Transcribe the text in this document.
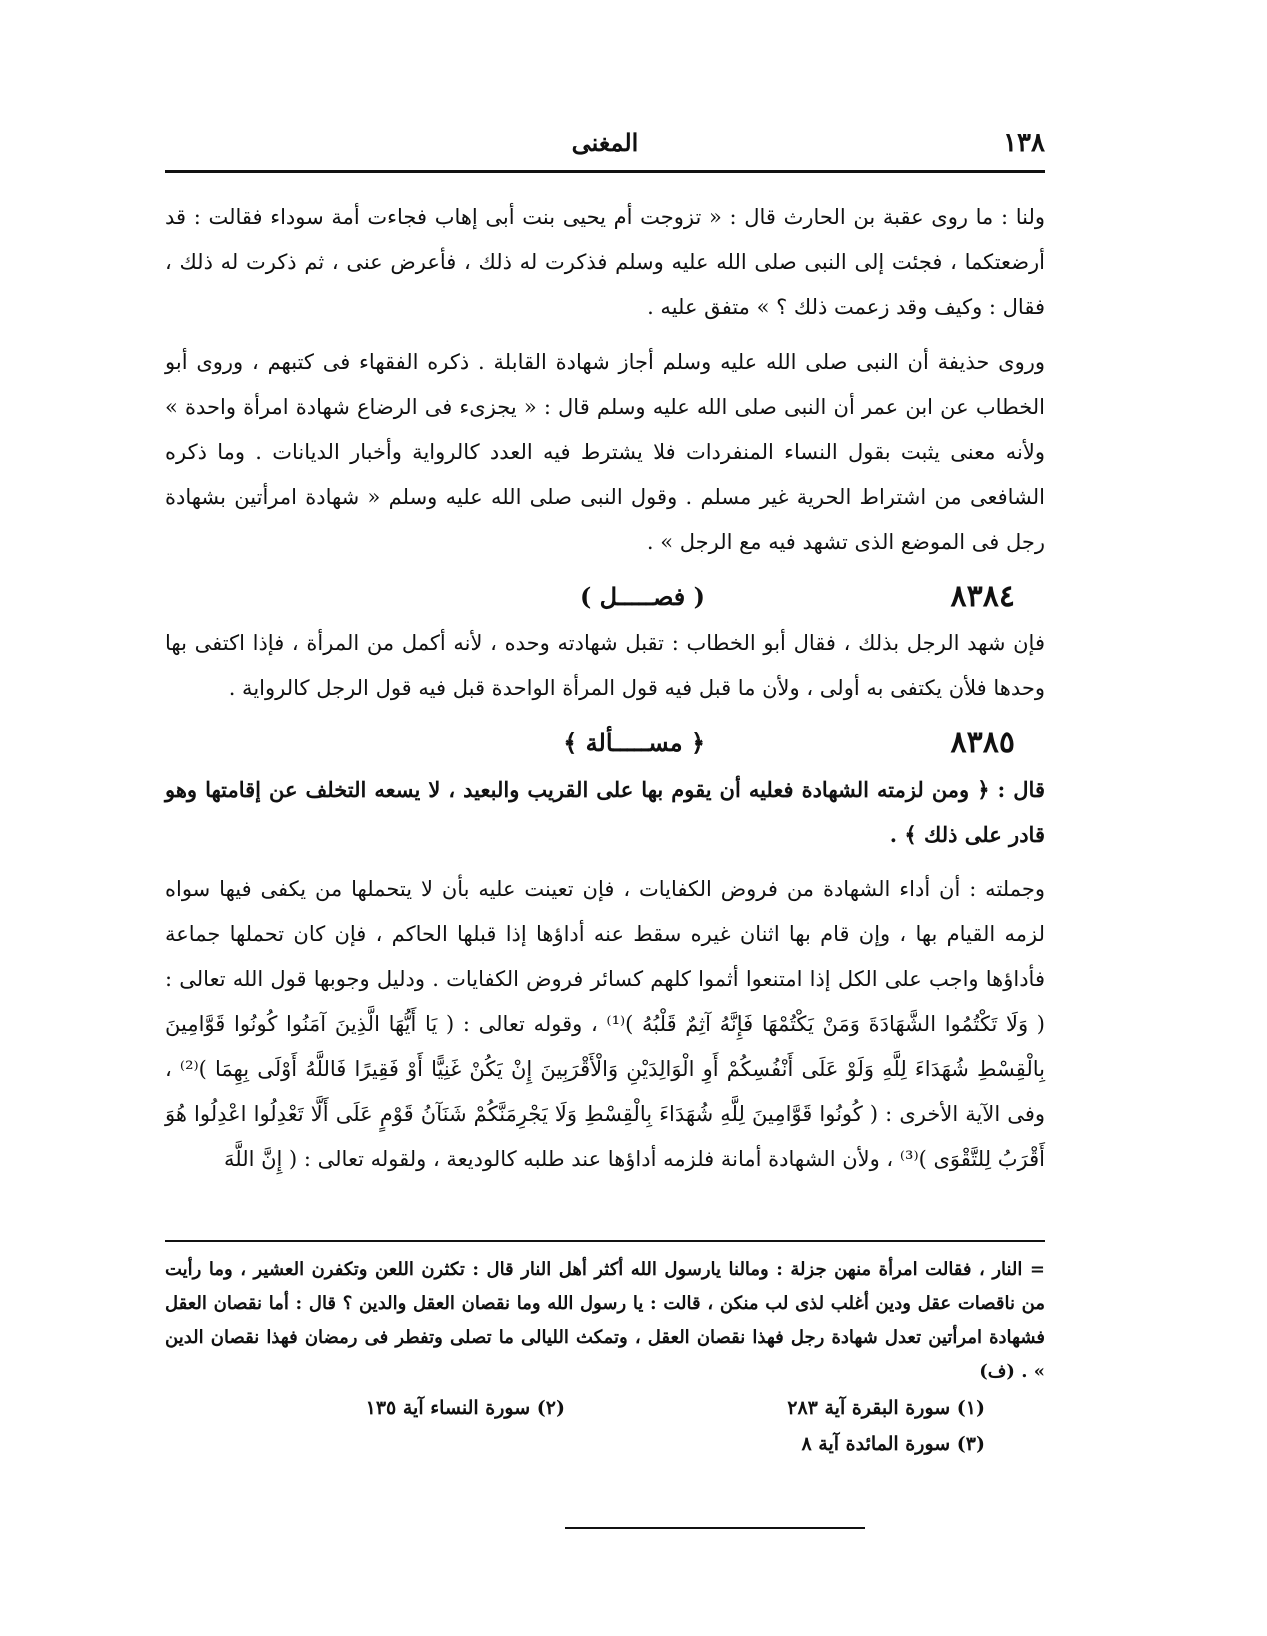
١٣٨
المغنى

ولنا : ما روى عقبة بن الحارث قال : « تزوجت أم يحيى بنت أبى إهاب فجاءت أمة سوداء فقالت : قد أرضعتكما ، فجئت إلى النبى صلى الله عليه وسلم فذكرت له ذلك ، فأعرض عنى ، ثم ذكرت له ذلك ، فقال : وكيف وقد زعمت ذلك ؟ » متفق عليه .

وروى حذيفة أن النبى صلى الله عليه وسلم أجاز شهادة القابلة . ذكره الفقهاء فى كتبهم ، وروى أبو الخطاب عن ابن عمر أن النبى صلى الله عليه وسلم قال : « يجزىء فى الرضاع شهادة امرأة واحدة » ولأنه معنى يثبت بقول النساء المنفردات فلا يشترط فيه العدد كالرواية وأخبار الديانات . وما ذكره الشافعى من اشتراط الحرية غير مسلم . وقول النبى صلى الله عليه وسلم « شهادة امرأتين بشهادة رجل فى الموضع الذى تشهد فيه مع الرجل » .

٨٣٨٤
( فصـــــل )

فإن شهد الرجل بذلك ، فقال أبو الخطاب : تقبل شهادته وحده ، لأنه أكمل من المرأة ، فإذا اكتفى بها وحدها فلأن يكتفى به أولى ، ولأن ما قبل فيه قول المرأة الواحدة قبل فيه قول الرجل كالرواية .

٨٣٨٥
﴿ مســـــألة ﴾

قال : ﴿ ومن لزمته الشهادة فعليه أن يقوم بها على القريب والبعيد ، لا يسعه التخلف عن إقامتها وهو قادر على ذلك ﴾ .

وجملته : أن أداء الشهادة من فروض الكفايات ، فإن تعينت عليه بأن لا يتحملها من يكفى فيها سواه لزمه القيام بها ، وإن قام بها اثنان غيره سقط عنه أداؤها إذا قبلها الحاكم ، فإن كان تحملها جماعة فأداؤها واجب على الكل إذا امتنعوا أثموا كلهم كسائر فروض الكفايات . ودليل وجوبها قول الله تعالى : ( وَلَا تَكْتُمُوا الشَّهَادَةَ وَمَنْ يَكْتُمْهَا فَإِنَّهُ آثِمٌ قَلْبُهُ )⁽¹⁾ ، وقوله تعالى : ( يَا أَيُّهَا الَّذِينَ آمَنُوا كُونُوا قَوَّامِينَ بِالْقِسْطِ شُهَدَاءَ لِلَّهِ وَلَوْ عَلَى أَنْفُسِكُمْ أَوِ الْوَالِدَيْنِ وَالْأَقْرَبِينَ إِنْ يَكُنْ غَنِيًّا أَوْ فَقِيرًا فَاللَّهُ أَوْلَى بِهِمَا )⁽²⁾ ، وفى الآية الأخرى : ( كُونُوا قَوَّامِينَ لِلَّهِ شُهَدَاءَ بِالْقِسْطِ وَلَا يَجْرِمَنَّكُمْ شَنَآنُ قَوْمٍ عَلَى أَلَّا تَعْدِلُوا اعْدِلُوا هُوَ أَقْرَبُ لِلتَّقْوَى )⁽³⁾ ، ولأن الشهادة أمانة فلزمه أداؤها عند طلبه كالوديعة ، ولقوله تعالى : ( إِنَّ اللَّهَ

= النار ، فقالت امرأة منهن جزلة : ومالنا يارسول الله أكثر أهل النار قال : تكثرن اللعن وتكفرن العشير ، وما رأيت من ناقصات عقل ودين أغلب لذى لب منكن ، قالت : يا رسول الله وما نقصان العقل والدين ؟ قال : أما نقصان العقل فشهادة امرأتين تعدل شهادة رجل فهذا نقصان العقل ، وتمكث الليالى ما تصلى وتفطر فى رمضان فهذا نقصان الدين » . (ف)

(١) سورة البقرة آية ٢٨٣
(٢) سورة النساء آية ١٣٥
(٣) سورة المائدة آية ٨
